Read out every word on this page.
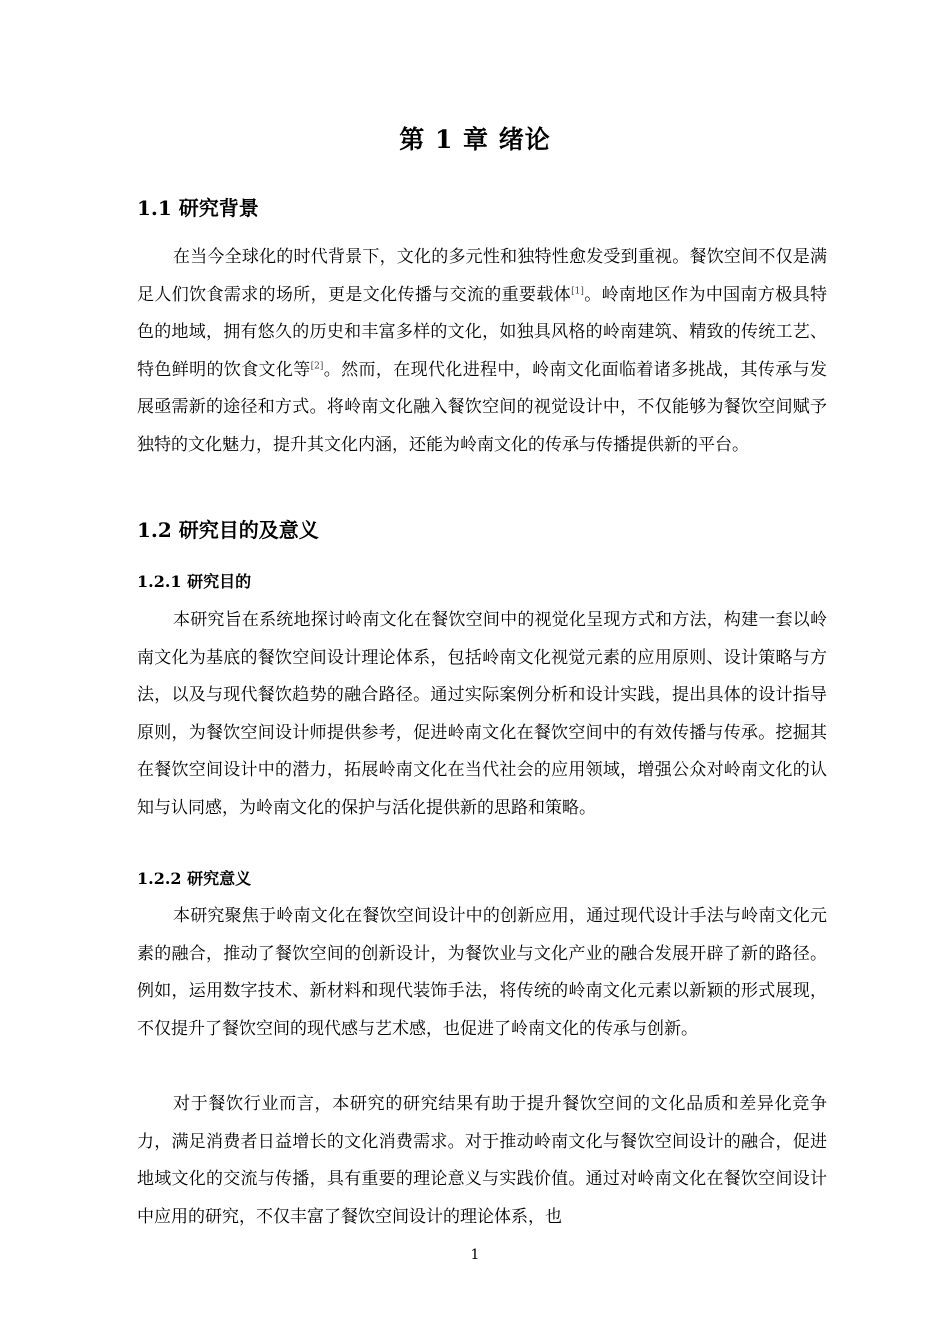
第 1 章 绪论
1.1 研究背景

在当今全球化的时代背景下，文化的多元性和独特性愈发受到重视。餐饮空间不仅是满足人们饮食需求的场所，更是文化传播与交流的重要载体[1]。岭南地区作为中国南方极具特色的地域，拥有悠久的历史和丰富多样的文化，如独具风格的岭南建筑、精致的传统工艺、特色鲜明的饮食文化等[2]。然而，在现代化进程中，岭南文化面临着诸多挑战，其传承与发展亟需新的途径和方式。将岭南文化融入餐饮空间的视觉设计中，不仅能够为餐饮空间赋予独特的文化魅力，提升其文化内涵，还能为岭南文化的传承与传播提供新的平台。

1.2 研究目的及意义
1.2.1 研究目的

本研究旨在系统地探讨岭南文化在餐饮空间中的视觉化呈现方式和方法，构建一套以岭南文化为基底的餐饮空间设计理论体系，包括岭南文化视觉元素的应用原则、设计策略与方法，以及与现代餐饮趋势的融合路径。通过实际案例分析和设计实践，提出具体的设计指导原则，为餐饮空间设计师提供参考，促进岭南文化在餐饮空间中的有效传播与传承。挖掘其在餐饮空间设计中的潜力，拓展岭南文化在当代社会的应用领域，增强公众对岭南文化的认知与认同感，为岭南文化的保护与活化提供新的思路和策略。

1.2.2 研究意义

本研究聚焦于岭南文化在餐饮空间设计中的创新应用，通过现代设计手法与岭南文化元素的融合，推动了餐饮空间的创新设计，为餐饮业与文化产业的融合发展开辟了新的路径。例如，运用数字技术、新材料和现代装饰手法，将传统的岭南文化元素以新颖的形式展现，不仅提升了餐饮空间的现代感与艺术感，也促进了岭南文化的传承与创新。

对于餐饮行业而言，本研究的研究结果有助于提升餐饮空间的文化品质和差异化竞争力，满足消费者日益增长的文化消费需求。对于推动岭南文化与餐饮空间设计的融合，促进地域文化的交流与传播，具有重要的理论意义与实践价值。通过对岭南文化在餐饮空间设计中应用的研究，不仅丰富了餐饮空间设计的理论体系，也

1
